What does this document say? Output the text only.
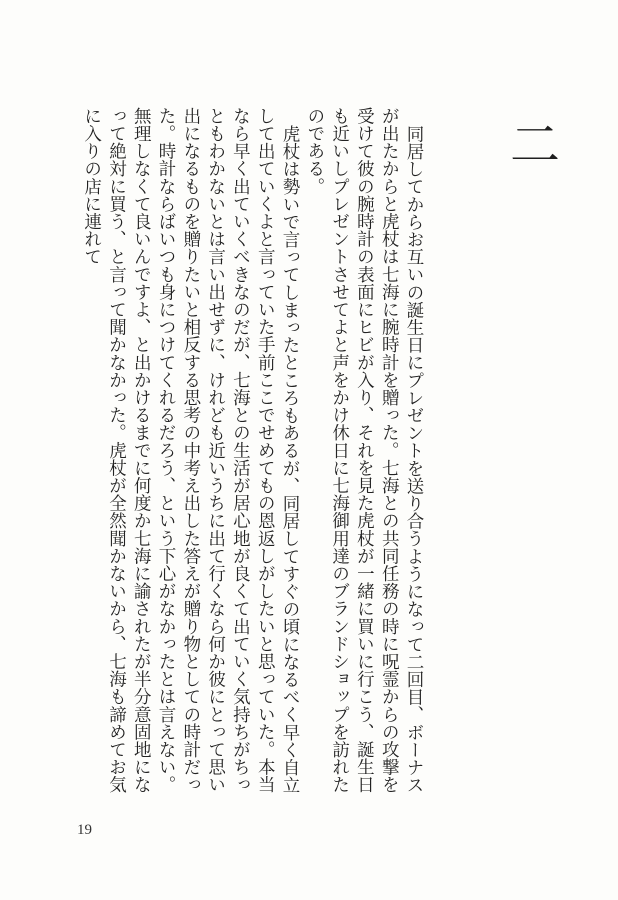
二

同居してからお互いの誕生日にプレゼントを送り合うようになって二回目、ボーナスが出たからと虎杖は七海に腕時計を贈った。七海との共同任務の時に呪霊からの攻撃を受けて彼の腕時計の表面にヒビが入り、それを見た虎杖が一緒に買いに行こう、誕生日も近いしプレゼントさせてよと声をかけ休日に七海御用達のブランドショップを訪れたのである。

虎杖は勢いで言ってしまったところもあるが、同居してすぐの頃になるべく早く自立して出ていくよと言っていた手前ここでせめてもの恩返しがしたいと思っていた。本当なら早く出ていくべきなのだが、七海との生活が居心地が良くて出ていく気持ちがちっともわかないとは言い出せずに、けれども近いうちに出て行くなら何か彼にとって思い出になるものを贈りたいと相反する思考の中考え出した答えが贈り物としての時計だった。時計ならばいつも身につけてくれるだろう、という下心がなかったとは言えない。無理しなくて良いんですよ、と出かけるまでに何度か七海に諭されたが半分意固地になって絶対に買う、と言って聞かなかった。虎杖が全然聞かないから、七海も諦めてお気に入りの店に連れて

19
